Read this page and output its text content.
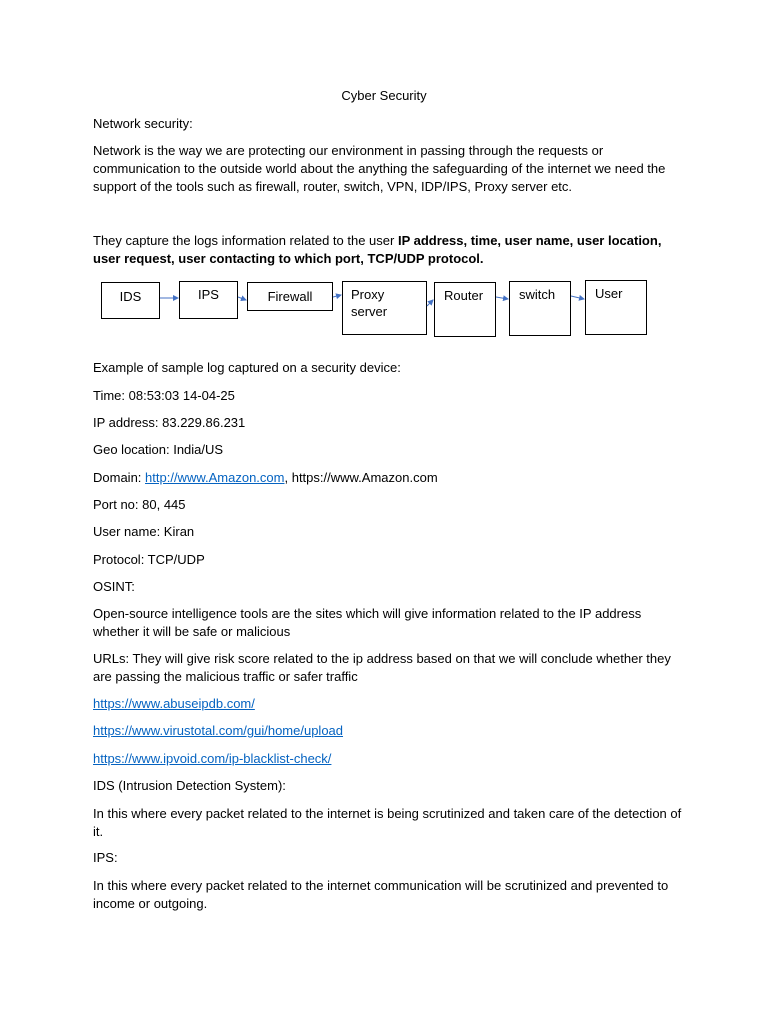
Cyber Security

Network security:

Network is the way we are protecting our environment in passing through the requests or communication to the outside world about the anything the safeguarding of the internet we need the support of the tools such as firewall, router, switch, VPN, IDP/IPS, Proxy server etc.

They capture the logs information related to the user IP address, time, user name, user location, user request, user contacting to which port, TCP/UDP protocol.

IDS	IPS	Firewall	Proxy server
Router	switch	User

Example of sample log captured on a security device:

Time: 08:53:03 14-04-25

IP address: 83.229.86.231

Geo location: India/US

Domain: http://www.Amazon.com, https://www.Amazon.com

Port no: 80, 445

User name: Kiran

Protocol: TCP/UDP

OSINT:

Open-source intelligence tools are the sites which will give information related to the IP address whether it will be safe or malicious

URLs: They will give risk score related to the ip address based on that we will conclude whether they are passing the malicious traffic or safer traffic

https://www.abuseipdb.com/

https://www.virustotal.com/gui/home/upload

https://www.ipvoid.com/ip-blacklist-check/

IDS (Intrusion Detection System):

In this where every packet related to the internet is being scrutinized and taken care of the detection of it.

IPS:

In this where every packet related to the internet communication will be scrutinized and prevented to income or outgoing.
